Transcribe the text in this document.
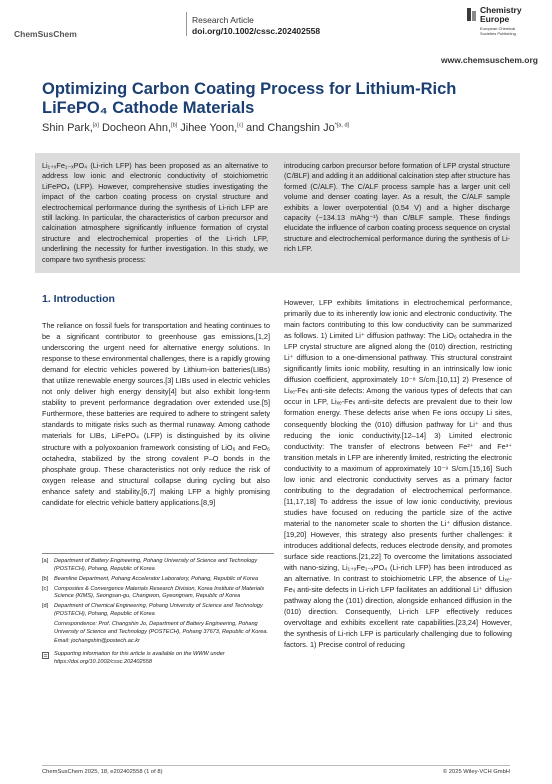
ChemSusChem
Research Article
doi.org/10.1002/cssc.202402558
Chemistry
Europe
European Chemical
Societies Publishing
www.chemsuschem.org
Optimizing Carbon Coating Process for Lithium-Rich
LiFePO₄ Cathode Materials
Shin Park,[a] Docheon Ahn,[b] Jihee Yoon,[c] and Changshin $Jo^{*[a, d]}$
Li₁₊ₓFe₁₋ₓPO₄ (Li-rich LFP) has been proposed as an alternative to address low ionic and electronic conductivity of stoichiometric LiFePO₄ (LFP). However, comprehensive studies investigating the impact of the carbon coating process on crystal structure and electrochemical performance during the synthesis of Li-rich LFP are still lacking. In particular, the characteristics of carbon precursor and calcination atmosphere significantly influence formation of crystal structure and electrochemical properties of the Li-rich LFP, underlining the necessity for further investigation. In this study, we compare two synthesis process:
introducing carbon precursor before formation of LFP crystal structure (C/BLF) and adding it an additional calcination step after structure has formed (C/ALF). The C/ALF process sample has a larger unit cell volume and denser coating layer. As a result, the C/ALF sample exhibits a lower overpotential (0.54 V) and a higher discharge capacity (~134.13 mAhg⁻¹) than C/BLF sample. These findings elucidate the influence of carbon coating process sequence on crystal structure and electrochemical performance during the synthesis of Li-rich LFP.
1. Introduction
The reliance on fossil fuels for transportation and heating continues to be a significant contributor to greenhouse gas emissions,[1,2] underscoring the urgent need for alternative energy solutions. In response to these environmental challenges, there is a rapidly growing demand for electric vehicles powered by Lithium-ion batteries(LIBs) that utilize renewable energy sources.[3] LIBs used in electric vehicles not only deliver high energy density[4] but also exhibit long-term stability to prevent performance degradation over extended use.[5] Furthermore, these batteries are required to adhere to stringent safety standards to mitigate risks such as thermal runaway. Among cathode materials for LIBs, LiFePO₄ (LFP) is distinguished by its olivine structure with a polyoxoanion framework consisting of LiO₆ and FeO₆ octahedra, stabilized by the strong covalent P–O bonds in the phosphate group. These characteristics not only reduce the risk of oxygen release and structural collapse during cycling but also enhance safety and stability,[6,7] making LFP a highly promising candidate for electric vehicle battery applications.[8,9]
However, LFP exhibits limitations in electrochemical performance, primarily due to its inherently low ionic and electronic conductivity. The main factors contributing to this low conductivity can be summarized as follows. 1) Limited Li⁺ diffusion pathway: The LiO₆ octahedra in the LFP crystal structure are aligned along the (010) direction, restricting Li⁺ diffusion to a one-dimensional pathway. This structural constraint significantly limits ionic mobility, resulting in an intrinsically low ionic diffusion coefficient, approximately 10⁻⁸ S/cm.[10,11] 2) Presence of Liₓₑ-Feₗᵢ anti-site defects: Among the various types of defects that can occur in LFP, Liₓₑ-Feₗᵢ anti-site defects are prevalent due to their low formation energy. These defects arise when Fe ions occupy Li sites, consequently blocking the (010) diffusion pathway for Li⁺ and thus reducing the ionic conductivity.[12–14] 3) Limited electronic conductivity: The transfer of electrons between Fe²⁺ and Fe³⁺ transition metals in LFP are inherently limited, restricting the electronic conductivity to a maximum of approximately 10⁻⁹ S/cm.[15,16] Such low ionic and electronic conductivity serves as a primary factor contributing to the degradation of electrochemical performance.[11,17,18] To address the issue of low ionic conductivity, previous studies have focused on reducing the particle size of the active material to the nanometer scale to shorten the Li⁺ diffusion distance.[19,20] However, this strategy also presents further challenges: it introduces additional defects, reduces electrode density, and promotes surface side reactions.[21,22] To overcome the limitations associated with nano-sizing, Li₁₊ₓFe₁₋ₓPO₄ (Li-rich LFP) has been introduced as an alternative. In contrast to stoichiometric LFP, the absence of Liₓₑ-Feₗᵢ anti-site defects in Li-rich LFP facilitates an additional Li⁺ diffusion pathway along the (101) direction, alongside enhanced diffusion in the (010) direction. Consequently, Li-rich LFP effectively reduces overvoltage and exhibits excellent rate capabilities.[23,24] However, the synthesis of Li-rich LFP is particularly challenging due to following factors. 1) Precise control of reducing
[a] Department of Battery Engineering, Pohang University of Science and Technology (POSTECH), Pohang, Republic of Korea
[b] Beamline Department, Pohang Accelerator Laboratory, Pohang, Republic of Korea
[c] Composites & Convergence Materials Research Division, Korea Institute of Materials Science (KIMS), Seongsan-gu, Changwon, Gyeongnam, Republic of Korea
[d] Department of Chemical Engineering, Pohang University of Science and Technology (POSTECH), Pohang, Republic of Korea
Correspondence: Prof. Changshin Jo, Department of Battery Engineering, Pohang University of Science and Technology (POSTECH), Pohang 37673, Republic of Korea.
Email: jochangshin@postech.ac.kr
Supporting information for this article is available on the WWW under https://doi.org/10.1002/cssc.202402558
ChemSusChem 2025, 18, e202402558 (1 of 8)	© 2025 Wiley-VCH GmbH
